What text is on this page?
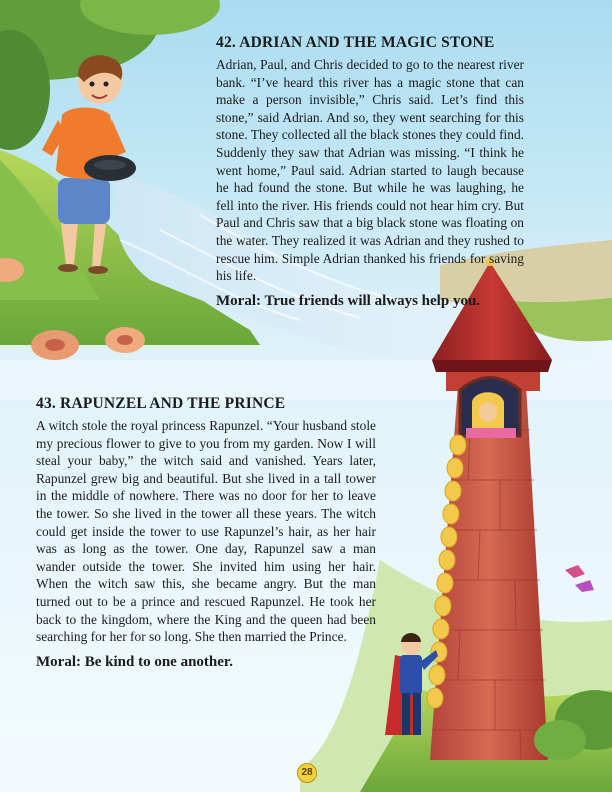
42. ADRIAN AND THE MAGIC STONE

Adrian, Paul, and Chris decided to go to the nearest river bank. “I’ve heard this river has a magic stone that can make a person invisible,” Chris said. Let’s find this stone,” said Adrian. And so, they went searching for this stone. They collected all the black stones they could find. Suddenly they saw that Adrian was missing. “I think he went home,” Paul said. Adrian started to laugh because he had found the stone. But while he was laughing, he fell into the river. His friends could not hear him cry. But Paul and Chris saw that a big black stone was floating on the water. They realized it was Adrian and they rushed to rescue him. Simple Adrian thanked his friends for saving his life.

Moral: True friends will always help you.
43. RAPUNZEL AND THE PRINCE

A witch stole the royal princess Rapunzel. “Your husband stole my precious flower to give to you from my garden. Now I will steal your baby,” the witch said and vanished. Years later, Rapunzel grew big and beautiful. But she lived in a tall tower in the middle of nowhere. There was no door for her to leave the tower. So she lived in the tower all these years. The witch could get inside the tower to use Rapunzel’s hair, as her hair was as long as the tower. One day, Rapunzel saw a man wander outside the tower. She invited him using her hair. When the witch saw this, she became angry. But the man turned out to be a prince and rescued Rapunzel. He took her back to the kingdom, where the King and the queen had been searching for her for so long. She then married the Prince.

Moral: Be kind to one another.
28
